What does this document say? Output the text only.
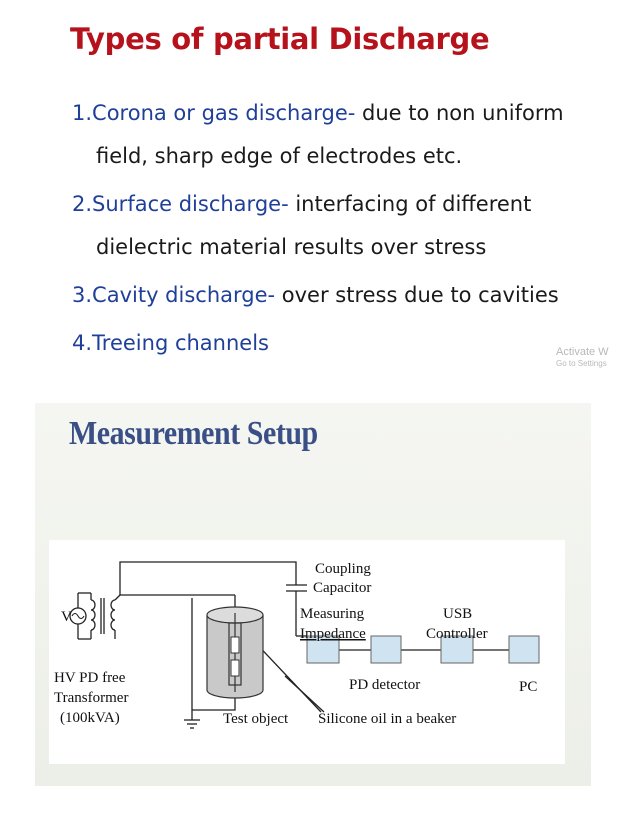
Types of partial Discharge
1.Corona or gas discharge- due to non uniform
field, sharp edge of electrodes etc.
2.Surface discharge- interfacing of different
dielectric material results over stress
3.Cavity discharge- over stress due to cavities
4.Treeing channels	Activate W
Go to Settings
Measurement Setup
Coupling
Capacitor
Measuring
Impedance
USB
Controller
V
HV PD free
Transformer
(100kVA)
PD detector	PC
Test object Silicone oil in a beaker
